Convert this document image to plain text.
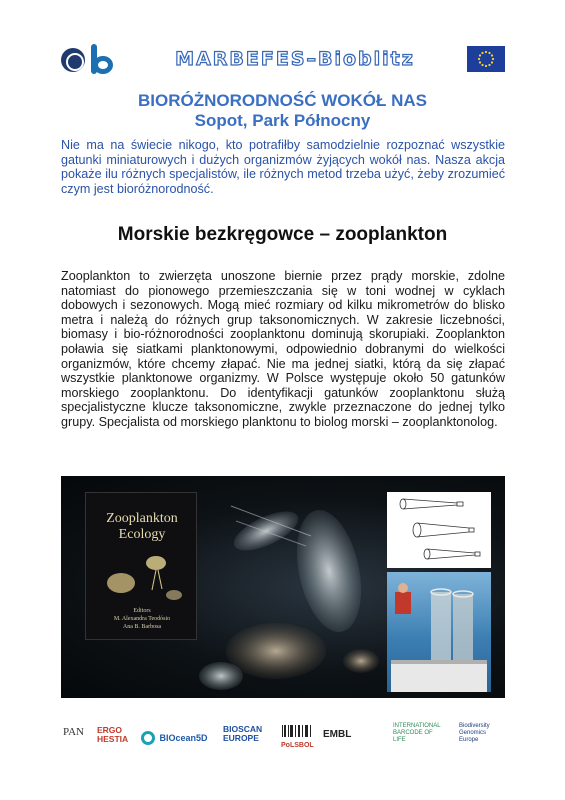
MARBEFES–Bioblitz
BIORÓŻNORODNOŚĆ WOKÓŁ NAS
Sopot, Park Północny

Nie ma na świecie nikogo, kto potrafiłby samodzielnie rozpoznać wszystkie gatunki miniaturowych i dużych organizmów żyjących wokół nas. Nasza akcja pokaże ilu różnych specjalistów, ile różnych metod trzeba użyć, żeby zrozumieć czym jest bioróżnorodność.

Morskie bezkręgowce – zooplankton

Zooplankton to zwierzęta unoszone biernie przez prądy morskie, zdolne natomiast do pionowego przemieszczania się w toni wodnej w cyklach dobowych i sezonowych. Mogą mieć rozmiary od kilku mikrometrów do blisko metra i należą do różnych grup taksonomicznych. W zakresie liczebności, biomasy i bio-różnorodności zooplanktonu dominują skorupiaki. Zooplankton poławia się siatkami planktonowymi, odpowiednio dobranymi do wielkości organizmów, które chcemy złapać. Nie ma jednej siatki, którą da się złapać wszystkie planktonowe organizmy. W Polsce występuje około 50 gatunków morskiego zooplanktonu. Do identyfikacji gatunków zooplanktonu służą specjalistyczne klucze taksonomiczne, zwykle przeznaczone do jednej tylko grupy. Specjalista od morskiego planktonu to biolog morski – zooplanktonolog.

Zooplankton
Ecology
Editors
M. Alexandra Teodósio
Ana B. Barbosa
PAN ERGO HESTIA	BIOcean5D
BIOSCAN EUROPE
PoLSBOL
EMBL
INTERNATIONAL BARCODE OF LIFE
Biodiversity Genomics Europe
